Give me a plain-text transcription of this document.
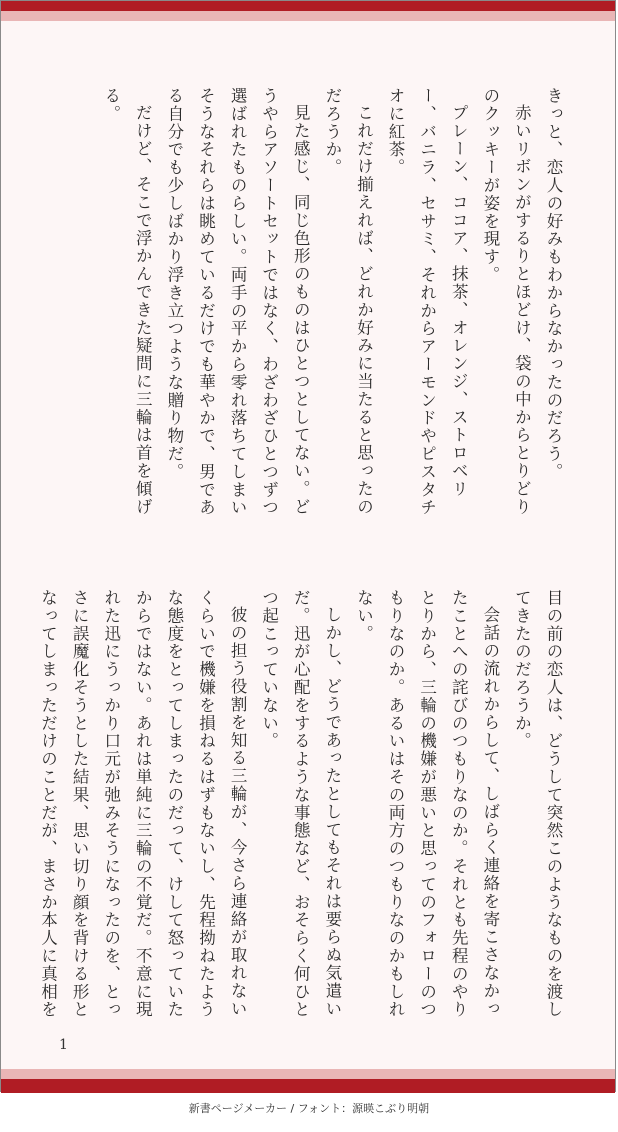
きっと、恋人の好みもわからなかったのだろう。

赤いリボンがするりとほどけ、袋の中からとりどりのクッキーが姿を現す。

プレーン、ココア、抹茶、オレンジ、ストロベリー、バニラ、セサミ、それからアーモンドやピスタチオに紅茶。

これだけ揃えれば、どれか好みに当たると思ったのだろうか。

見た感じ、同じ色形のものはひとつとしてない。どうやらアソートセットではなく、わざわざひとつずつ選ばれたものらしい。両手の平から零れ落ちてしまいそうなそれらは眺めているだけでも華やかで、男である自分でも少しばかり浮き立つような贈り物だ。

だけど、そこで浮かんできた疑問に三輪は首を傾げる。

目の前の恋人は、どうして突然このようなものを渡してきたのだろうか。

会話の流れからして、しばらく連絡を寄こさなかったことへの詫びのつもりなのか。それとも先程のやりとりから、三輪の機嫌が悪いと思ってのフォローのつもりなのか。あるいはその両方のつもりなのかもしれない。

しかし、どうであったとしてもそれは要らぬ気遣いだ。迅が心配をするような事態など、おそらく何ひとつ起こっていない。

彼の担う役割を知る三輪が、今さら連絡が取れないくらいで機嫌を損ねるはずもないし、先程拗ねたような態度をとってしまったのだって、けして怒っていたからではない。あれは単純に三輪の不覚だ。不意に現れた迅にうっかり口元が弛みそうになったのを、とっさに誤魔化そうとした結果、思い切り顔を背ける形となってしまっただけのことだが、まさか本人に真相を

1
新書ページメーカー / フォント：源暎こぶり明朝
